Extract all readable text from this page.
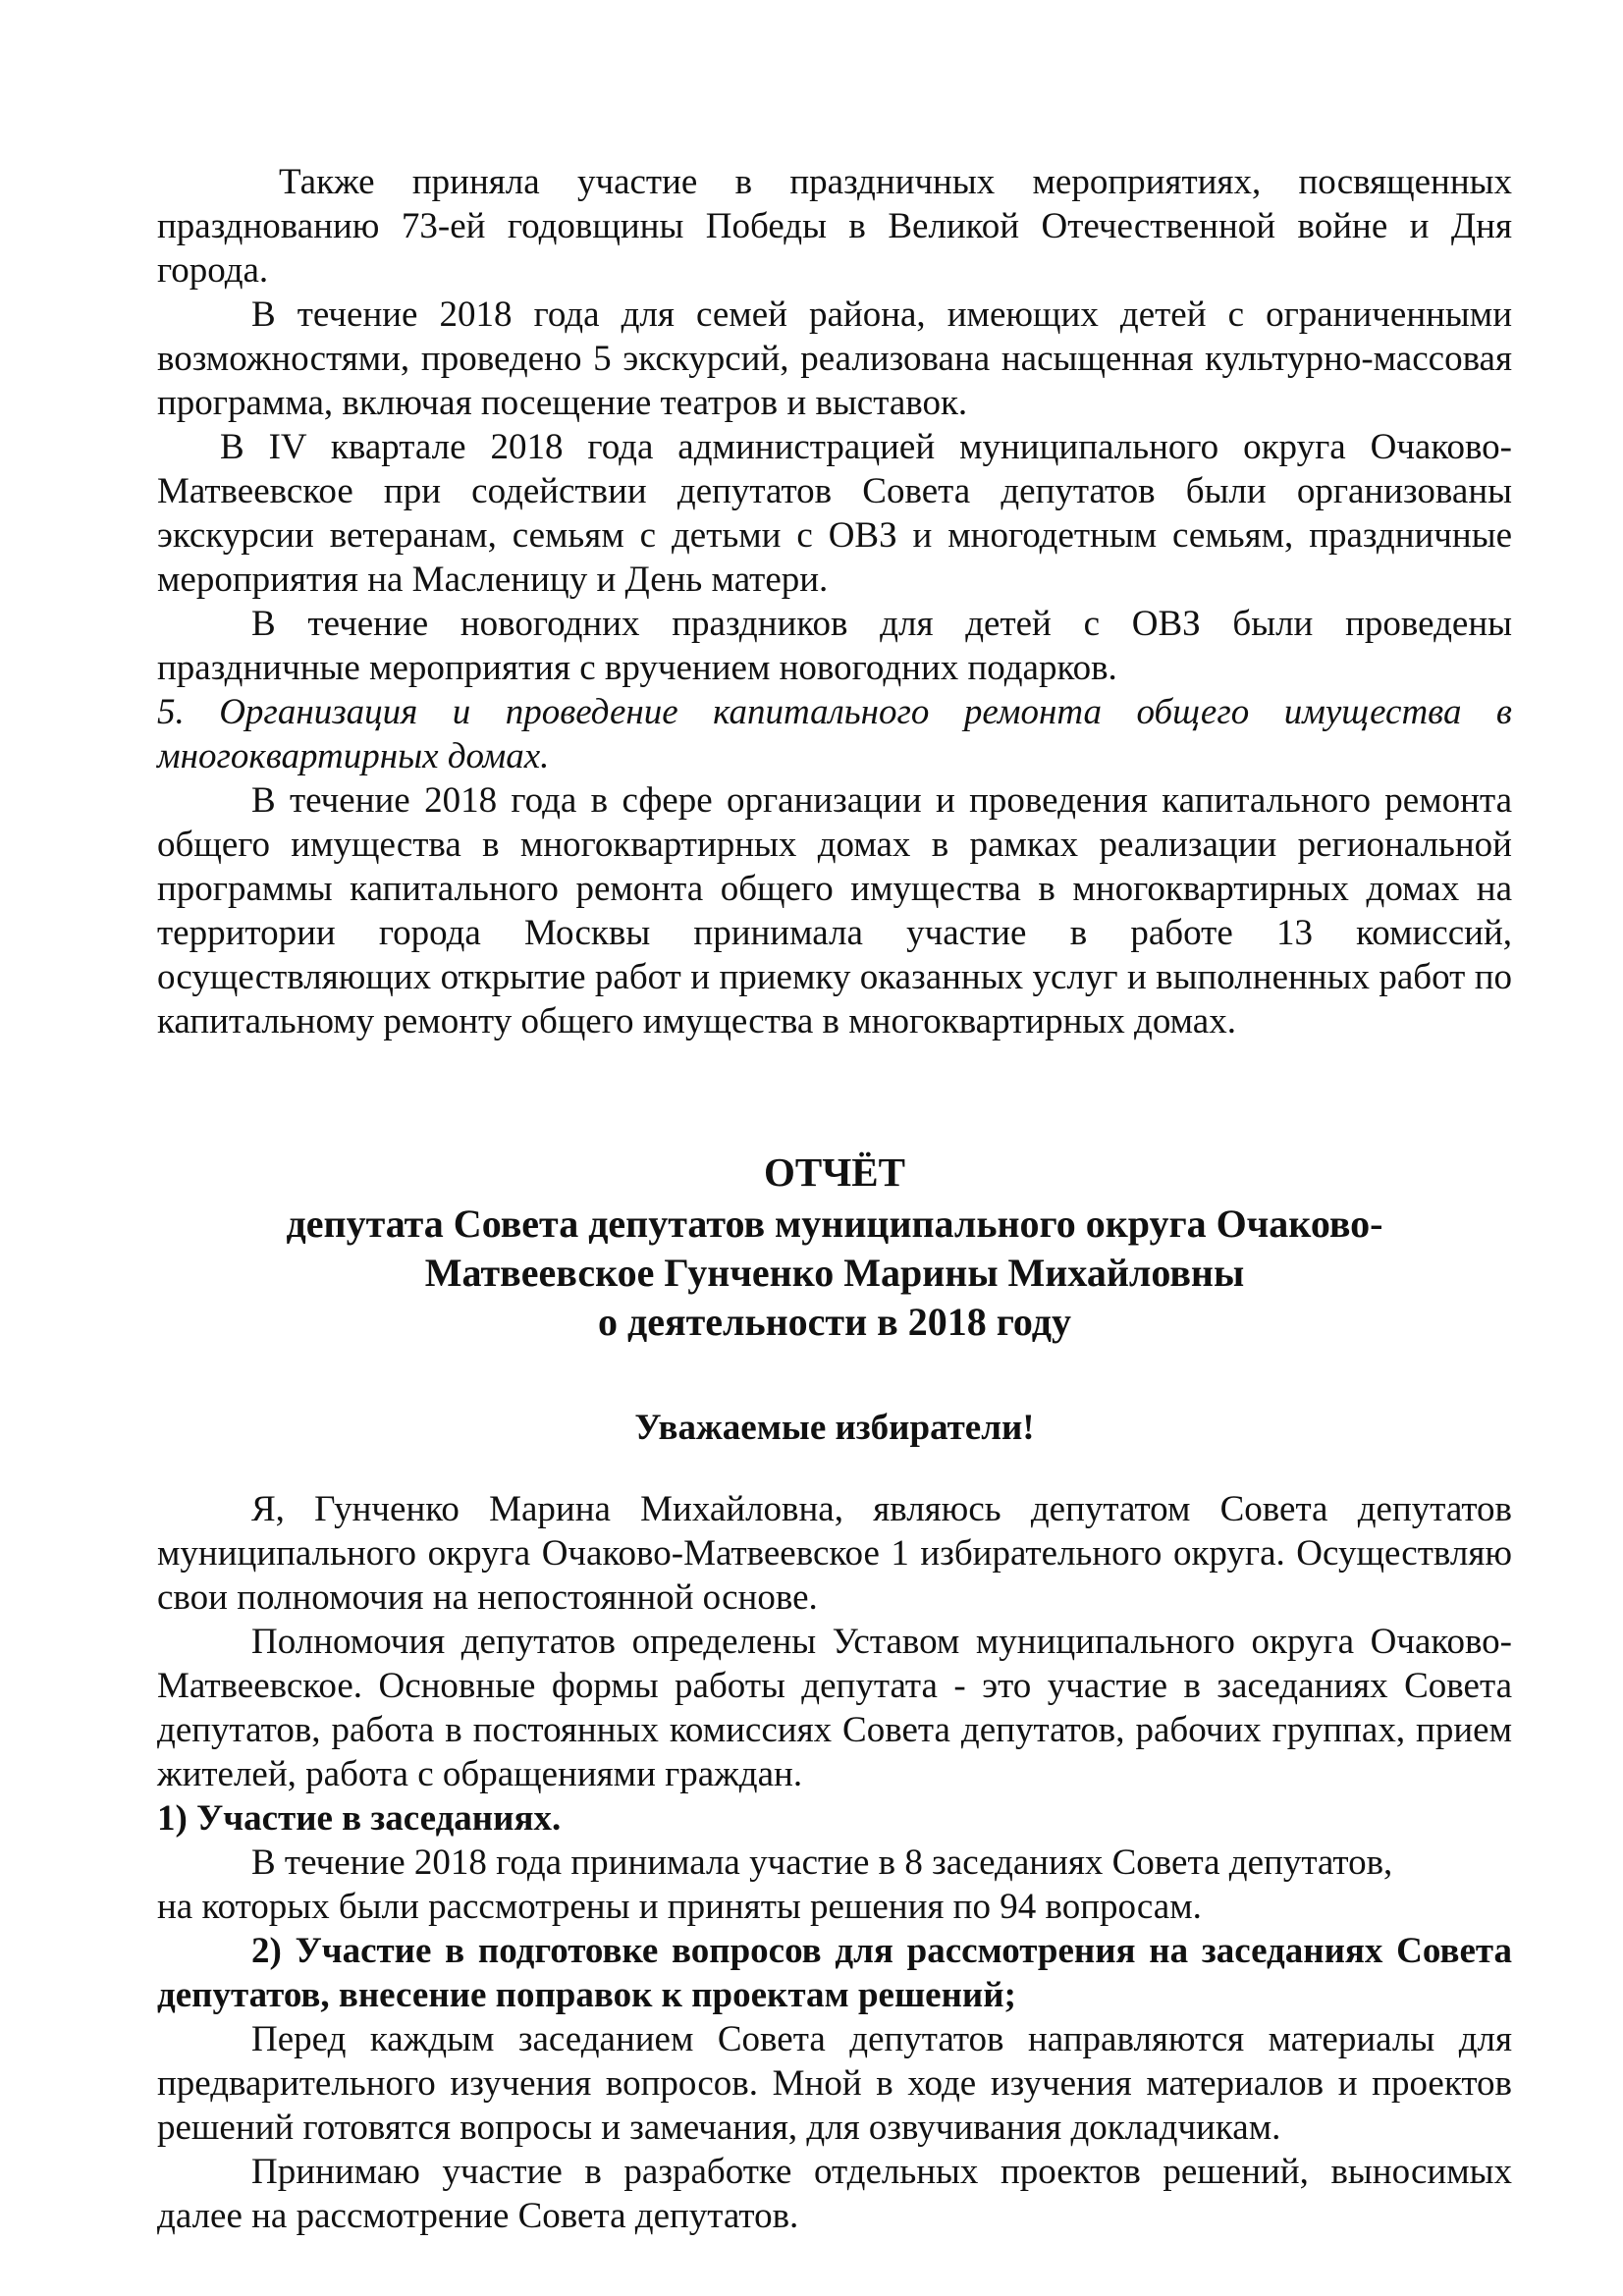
Также приняла участие в праздничных мероприятиях, посвященных празднованию 73-ей годовщины Победы в Великой Отечественной войне и Дня города.

В течение 2018 года для семей района, имеющих детей с ограниченными возможностями, проведено 5 экскурсий, реализована насыщенная культурно-массовая программа, включая посещение театров и выставок.

В IV квартале 2018 года администрацией муниципального округа Очаково-Матвеевское при содействии депутатов Совета депутатов были организованы экскурсии ветеранам, семьям с детьми с ОВЗ и многодетным семьям, праздничные мероприятия на Масленицу и День матери.

В течение новогодних праздников для детей с ОВЗ были проведены праздничные мероприятия с вручением новогодних подарков.

5. Организация и проведение капитального ремонта общего имущества в многоквартирных домах.

В течение 2018 года в сфере организации и проведения капитального ремонта общего имущества в многоквартирных домах в рамках реализации региональной программы капитального ремонта общего имущества в многоквартирных домах на территории города Москвы принимала участие в работе 13 комиссий, осуществляющих открытие работ и приемку оказанных услуг и выполненных работ по капитальному ремонту общего имущества в многоквартирных домах.

ОТЧЁТ

депутата Совета депутатов муниципального округа Очаково-

Матвеевское Гунченко Марины Михайловны

о деятельности в 2018 году

Уважаемые избиратели!

Я, Гунченко Марина Михайловна, являюсь депутатом Совета депутатов муниципального округа Очаково-Матвеевское 1 избирательного округа. Осуществляю свои полномочия на непостоянной основе.

Полномочия депутатов определены Уставом муниципального округа Очаково-Матвеевское. Основные формы работы депутата - это участие в заседаниях Совета депутатов, работа в постоянных комиссиях Совета депутатов, рабочих группах, прием жителей, работа с обращениями граждан.

1) Участие в заседаниях.

В течение 2018 года принимала участие в 8 заседаниях Совета депутатов,

на которых были рассмотрены и приняты решения по 94 вопросам.

2) Участие в подготовке вопросов для рассмотрения на заседаниях Совета депутатов, внесение поправок к проектам решений;

Перед каждым заседанием Совета депутатов направляются материалы для предварительного изучения вопросов. Мной в ходе изучения материалов и проектов решений готовятся вопросы и замечания, для озвучивания докладчикам.

Принимаю участие в разработке отдельных проектов решений, выносимых далее на рассмотрение Совета депутатов.
